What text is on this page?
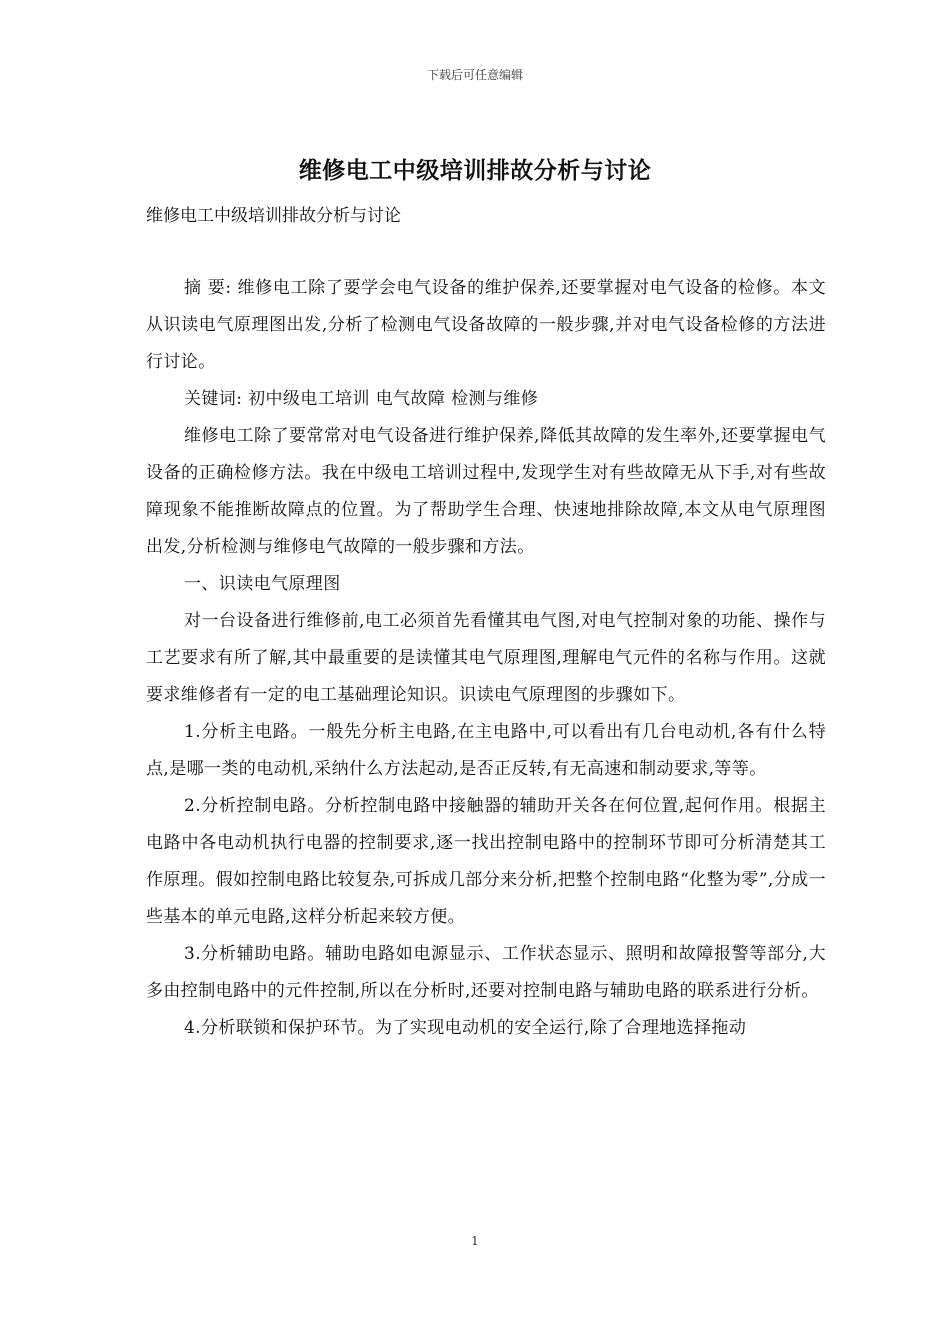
下载后可任意编辑
维修电工中级培训排故分析与讨论
维修电工中级培训排故分析与讨论

摘 要: 维修电工除了要学会电气设备的维护保养,还要掌握对电气设备的检修。本文从识读电气原理图出发,分析了检测电气设备故障的一般步骤,并对电气设备检修的方法进行讨论。

关键词: 初中级电工培训 电气故障 检测与维修

维修电工除了要常常对电气设备进行维护保养,降低其故障的发生率外,还要掌握电气设备的正确检修方法。我在中级电工培训过程中,发现学生对有些故障无从下手,对有些故障现象不能推断故障点的位置。为了帮助学生合理、快速地排除故障,本文从电气原理图出发,分析检测与维修电气故障的一般步骤和方法。

一、识读电气原理图

对一台设备进行维修前,电工必须首先看懂其电气图,对电气控制对象的功能、操作与工艺要求有所了解,其中最重要的是读懂其电气原理图,理解电气元件的名称与作用。这就要求维修者有一定的电工基础理论知识。识读电气原理图的步骤如下。

1.分析主电路。一般先分析主电路,在主电路中,可以看出有几台电动机,各有什么特点,是哪一类的电动机,采纳什么方法起动,是否正反转,有无高速和制动要求,等等。

2.分析控制电路。分析控制电路中接触器的辅助开关各在何位置,起何作用。根据主电路中各电动机执行电器的控制要求,逐一找出控制电路中的控制环节即可分析清楚其工作原理。假如控制电路比较复杂,可拆成几部分来分析,把整个控制电路“化整为零”,分成一些基本的单元电路,这样分析起来较方便。

3.分析辅助电路。辅助电路如电源显示、工作状态显示、照明和故障报警等部分,大多由控制电路中的元件控制,所以在分析时,还要对控制电路与辅助电路的联系进行分析。

4.分析联锁和保护环节。为了实现电动机的安全运行,除了合理地选择拖动

1
